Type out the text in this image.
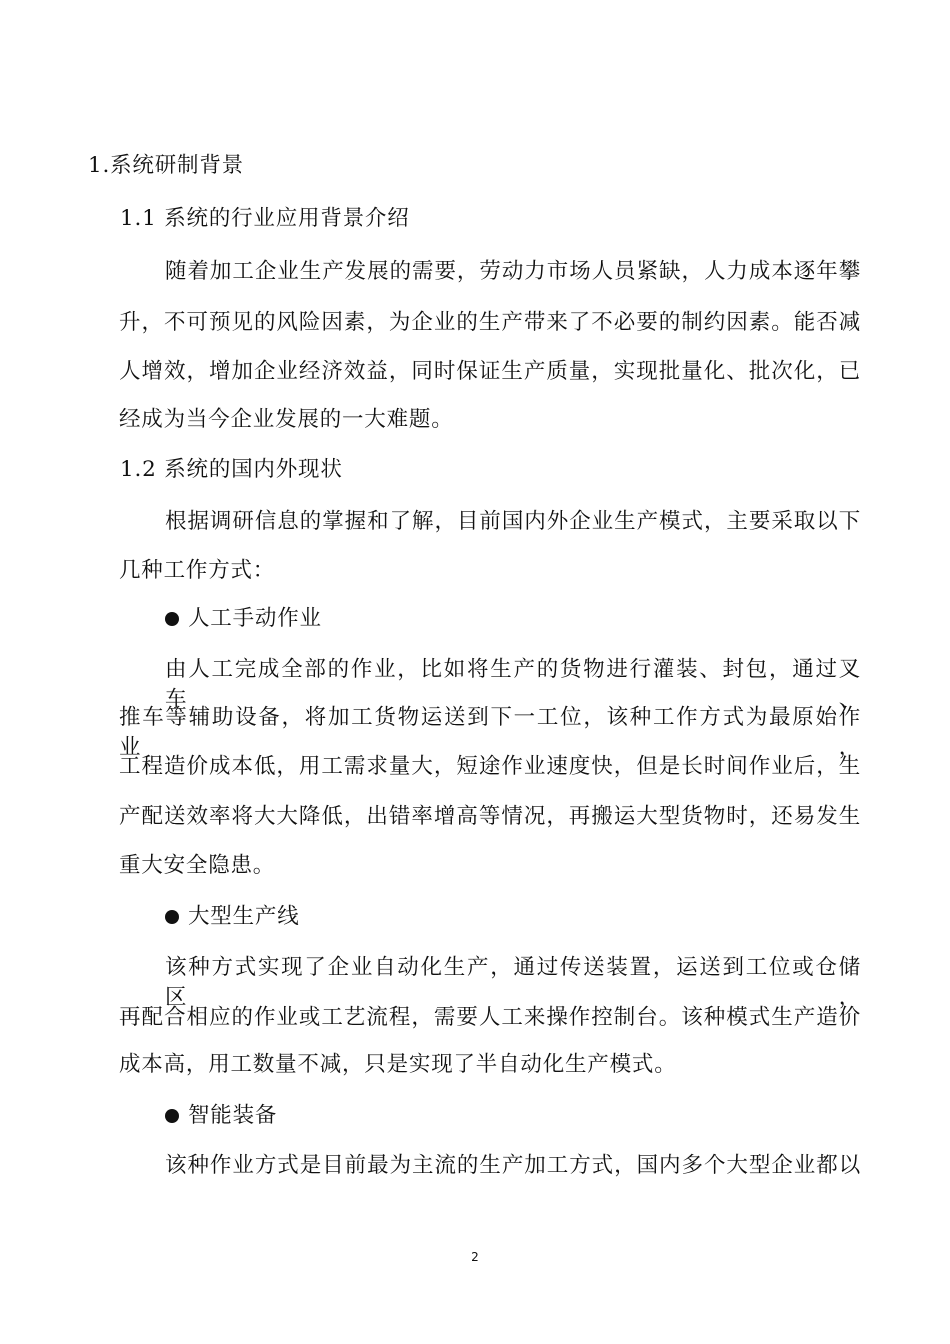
1.系统研制背景
1.1 系统的行业应用背景介绍
随着加工企业生产发展的需要，劳动力市场人员紧缺，人力成本逐年攀
升，不可预见的风险因素，为企业的生产带来了不必要的制约因素。能否减
人增效，增加企业经济效益，同时保证生产质量，实现批量化、批次化，已
经成为当今企业发展的一大难题。
1.2 系统的国内外现状
根据调研信息的掌握和了解，目前国内外企业生产模式，主要采取以下
几种工作方式：
人工手动作业
由人工完成全部的作业，比如将生产的货物进行灌装、封包，通过叉车、
推车等辅助设备，将加工货物运送到下一工位，该种工作方式为最原始作业，
工程造价成本低，用工需求量大，短途作业速度快，但是长时间作业后，生
产配送效率将大大降低，出错率增高等情况，再搬运大型货物时，还易发生
重大安全隐患。
大型生产线
该种方式实现了企业自动化生产，通过传送装置，运送到工位或仓储区，
再配合相应的作业或工艺流程，需要人工来操作控制台。该种模式生产造价
成本高，用工数量不减，只是实现了半自动化生产模式。
智能装备
该种作业方式是目前最为主流的生产加工方式，国内多个大型企业都以
2
